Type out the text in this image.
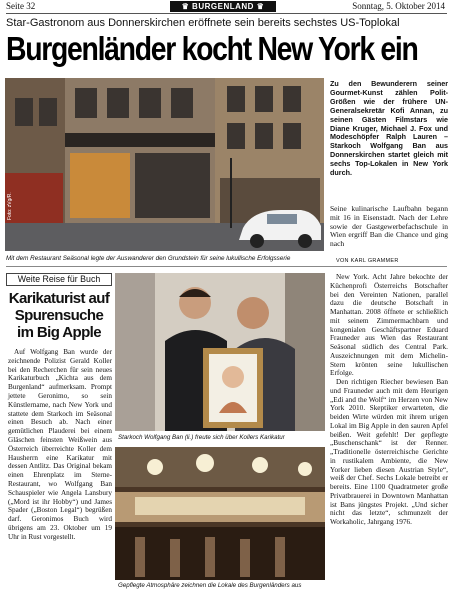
Seite 32	♛ BURGENLAND ♛	Sonntag, 5. Oktober 2014
Star-Gastronom aus Donnerskirchen eröffnete sein bereits sechstes US-Toplokal
Burgenländer kocht New York ein
Foto: zVg/R.
Mit dem Restaurant Seäsonal legte der Auswanderer den Grundstein für seine lukullische Erfolgsserie
Zu den Bewunderern seiner Gourmet-Kunst zählen Polit-Größen wie der frühere UN-Generalsekretär Kofi Annan, zu seinen Gästen Filmstars wie Diane Kruger, Michael J. Fox und Modeschöpfer Ralph Lauren – Starkoch Wolfgang Ban aus Donnerskirchen startet gleich mit sechs Top-Lokalen in New York durch.
Seine kulinarische Laufbahn begann mit 16 in Eisenstadt. Nach der Lehre sowie der Gastgewerbefachschule in Wien ergriff Ban die Chance und ging nach
VON KARL GRAMMER
Weite Reise für Buch
Karikaturist auf Spurensuche im Big Apple
Auf Wolfgang Ban wurde der zeichnende Polizist Gerald Koller bei den Recherchen für sein neues Karikaturbuch „Kichta aus dem Burgenland“ aufmerksam. Prompt jettete Geronimo, so sein Künstlername, nach New York und stattete dem Starkoch im Seäsonal einen Besuch ab. Nach einer gemütlichen Plauderei bei einem Gläschen feinsten Weißwein aus Österreich überreichte Koller dem Hausherrn eine Karikatur mit dessen Antlitz. Das Original bekam einen Ehrenplatz im Sterne-Restaurant, wo Wolfgang Ban Schauspieler wie Angela Lansbury („Mord ist ihr Hobby“) und James Spader („Boston Legal“) begrüßen darf. Geronimos Buch wird übrigens am 23. Oktober um 19 Uhr in Rust vorgestellt.
Starkoch Wolfgang Ban (li.) freute sich über Kollers Karikatur
Gepflegte Atmosphäre zeichnen die Lokale des Burgenländers aus

New York. Acht Jahre bekochte der Küchenprofi Österreichs Botschafter bei den Vereinten Nationen, parallel dazu die deutsche Botschaft in Manhattan. 2008 öffnete er schließlich mit seinem Zimmermachbarn und kongenialen Geschäftspartner Eduard Frauneder aus Wien das Restaurant Seäsonal südlich des Central Park. Auszeichnungen mit dem Michelin-Stern krönten seine lukullischen Erfolge.

Den richtigen Riecher bewiesen Ban und Frauneder auch mit dem Heurigen „Edi and the Wolf“ im Herzen von New York 2010. Skeptiker erwarteten, die beiden Wirte würden mit ihrem urigen Lokal im Big Apple in den sauren Apfel beißen. Weit gefehlt! Der gepflegte „Buschenschank“ ist der Renner. „Traditionelle österreichische Gerichte in rustikalem Ambiente, die New Yorker lieben diesen Austrian Style“, weiß der Chef. Sechs Lokale betreibt er bereits. Eine 1100 Quadratmeter große Privatbrauerei in Downtown Manhattan ist Bans jüngstes Projekt. „Und sicher nicht das letzte“, schmunzelt der Workaholic, Jahrgang 1976.
